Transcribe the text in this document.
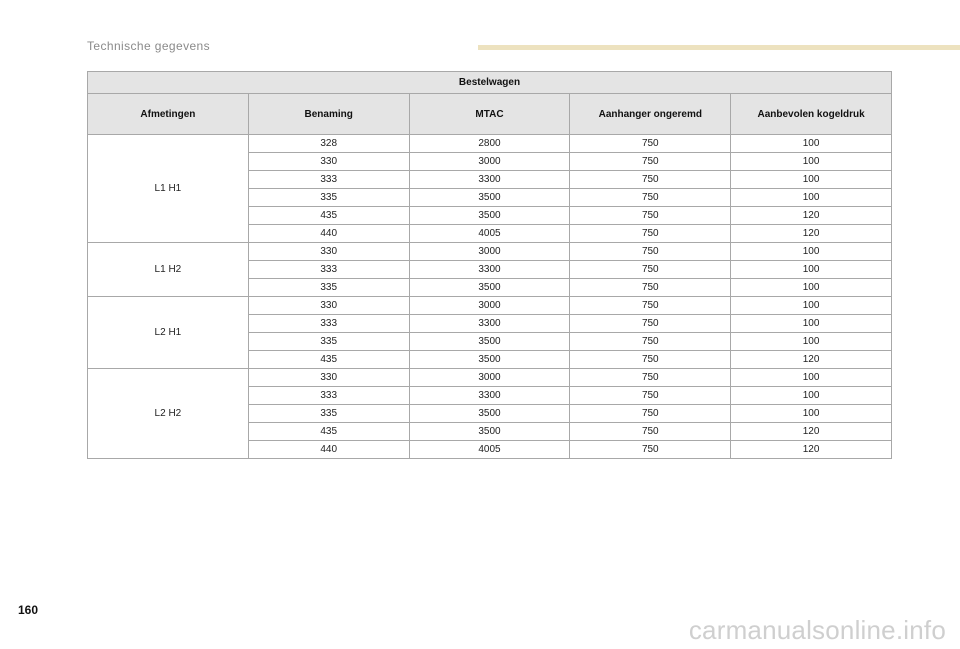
Technische gegevens
Bestelwagen				
Afmetingen	Benaming	MTAC	Aanhanger ongeremd	Aanbevolen kogeldruk
L1 H1	328	2800	750	100
	330	3000	750	100
	333	3300	750	100
	335	3500	750	100
	435	3500	750	120
	440	4005	750	120
L1 H2	330	3000	750	100
	333	3300	750	100
	335	3500	750	100
L2 H1	330	3000	750	100
	333	3300	750	100
	335	3500	750	100
	435	3500	750	120
L2 H2	330	3000	750	100
	333	3300	750	100
	335	3500	750	100
	435	3500	750	120
	440	4005	750	120
160
carmanualsonline.info
